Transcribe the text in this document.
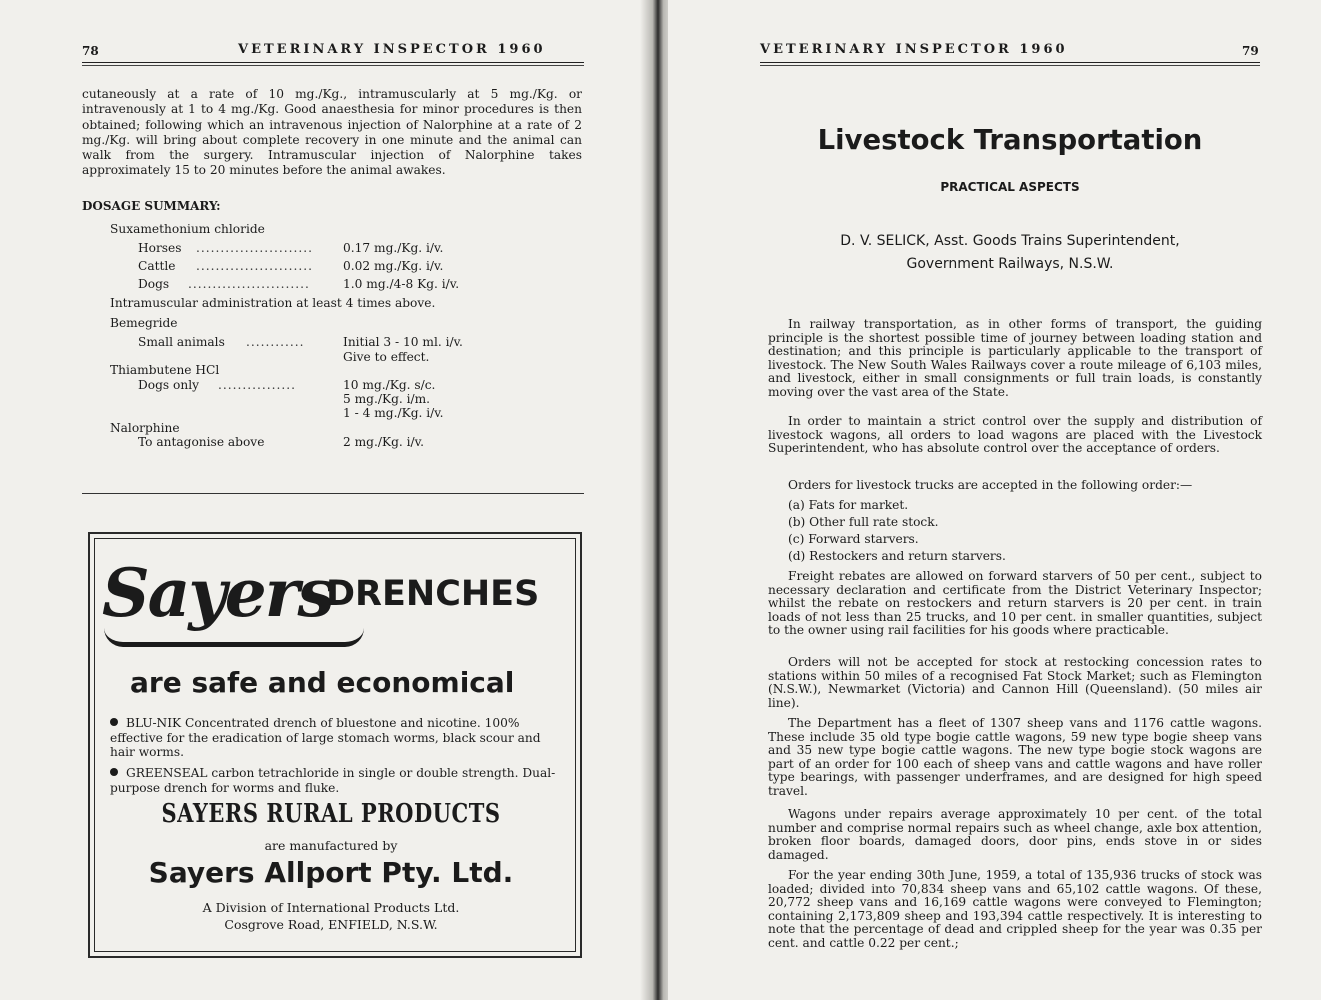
78	VETERINARY INSPECTOR 1960

cutaneously at a rate of 10 mg./Kg., intramuscularly at 5 mg./Kg. or intravenously at 1 to 4 mg./Kg. Good anaesthesia for minor procedures is then obtained; following which an intravenous injection of Nalorphine at a rate of 2 mg./Kg. will bring about complete recovery in one minute and the animal can walk from the surgery. Intramuscular injection of Nalorphine takes approximately 15 to 20 minutes before the animal awakes.

DOSAGE SUMMARY:

Suxamethonium chloride

Horses ........................ 0.17 mg./Kg. i/v.
Cattle ........................ 0.02 mg./Kg. i/v.
Dogs .........................	1.0 mg./4-8 Kg. i/v.

Intramuscular administration at least 4 times above.

Bemegride

Small animals ............	Initial 3 - 10 ml. i/v.
Give to effect.

Thiambutene HCl

Dogs only ................	10 mg./Kg. s/c.
5 mg./Kg. i/m.
1 - 4 mg./Kg. i/v.

Nalorphine

To antagonise above	2 mg./Kg. i/v.
Sayers
DRENCHES
are safe and economical

BLU-NIK Concentrated drench of bluestone and nicotine. 100% effective for the eradication of large stomach worms, black scour and hair worms.

GREENSEAL carbon tetrachloride in single or double strength. Dual-purpose drench for worms and fluke.

SAYERS RURAL PRODUCTS
are manufactured by
Sayers Allport Pty. Ltd.
A Division of International Products Ltd.
Cosgrove Road, ENFIELD, N.S.W.
VETERINARY INSPECTOR 1960	79
Livestock Transportation

PRACTICAL ASPECTS

D. V. SELICK, Asst. Goods Trains Superintendent,

Government Railways, N.S.W.

In railway transportation, as in other forms of transport, the guiding principle is the shortest possible time of journey between loading station and destination; and this principle is particularly applicable to the transport of livestock. The New South Wales Railways cover a route mileage of 6,103 miles, and livestock, either in small consignments or full train loads, is constantly moving over the vast area of the State.

In order to maintain a strict control over the supply and distribution of livestock wagons, all orders to load wagons are placed with the Livestock Superintendent, who has absolute control over the acceptance of orders.

Orders for livestock trucks are accepted in the following order:—

(a) Fats for market.

(b) Other full rate stock.

(c) Forward starvers.

(d) Restockers and return starvers.

Freight rebates are allowed on forward starvers of 50 per cent., subject to necessary declaration and certificate from the District Veterinary Inspector; whilst the rebate on restockers and return starvers is 20 per cent. in train loads of not less than 25 trucks, and 10 per cent. in smaller quantities, subject to the owner using rail facilities for his goods where practicable.

Orders will not be accepted for stock at restocking concession rates to stations within 50 miles of a recognised Fat Stock Market; such as Flemington (N.S.W.), Newmarket (Victoria) and Cannon Hill (Queensland). (50 miles air line).

The Department has a fleet of 1307 sheep vans and 1176 cattle wagons. These include 35 old type bogie cattle wagons, 59 new type bogie sheep vans and 35 new type bogie cattle wagons. The new type bogie stock wagons are part of an order for 100 each of sheep vans and cattle wagons and have roller type bearings, with passenger underframes, and are designed for high speed travel.

Wagons under repairs average approximately 10 per cent. of the total number and comprise normal repairs such as wheel change, axle box attention, broken floor boards, damaged doors, door pins, ends stove in or sides damaged.

For the year ending 30th June, 1959, a total of 135,936 trucks of stock was loaded; divided into 70,834 sheep vans and 65,102 cattle wagons. Of these, 20,772 sheep vans and 16,169 cattle wagons were conveyed to Flemington; containing 2,173,809 sheep and 193,394 cattle respectively. It is interesting to note that the percentage of dead and crippled sheep for the year was 0.35 per cent. and cattle 0.22 per cent.;
